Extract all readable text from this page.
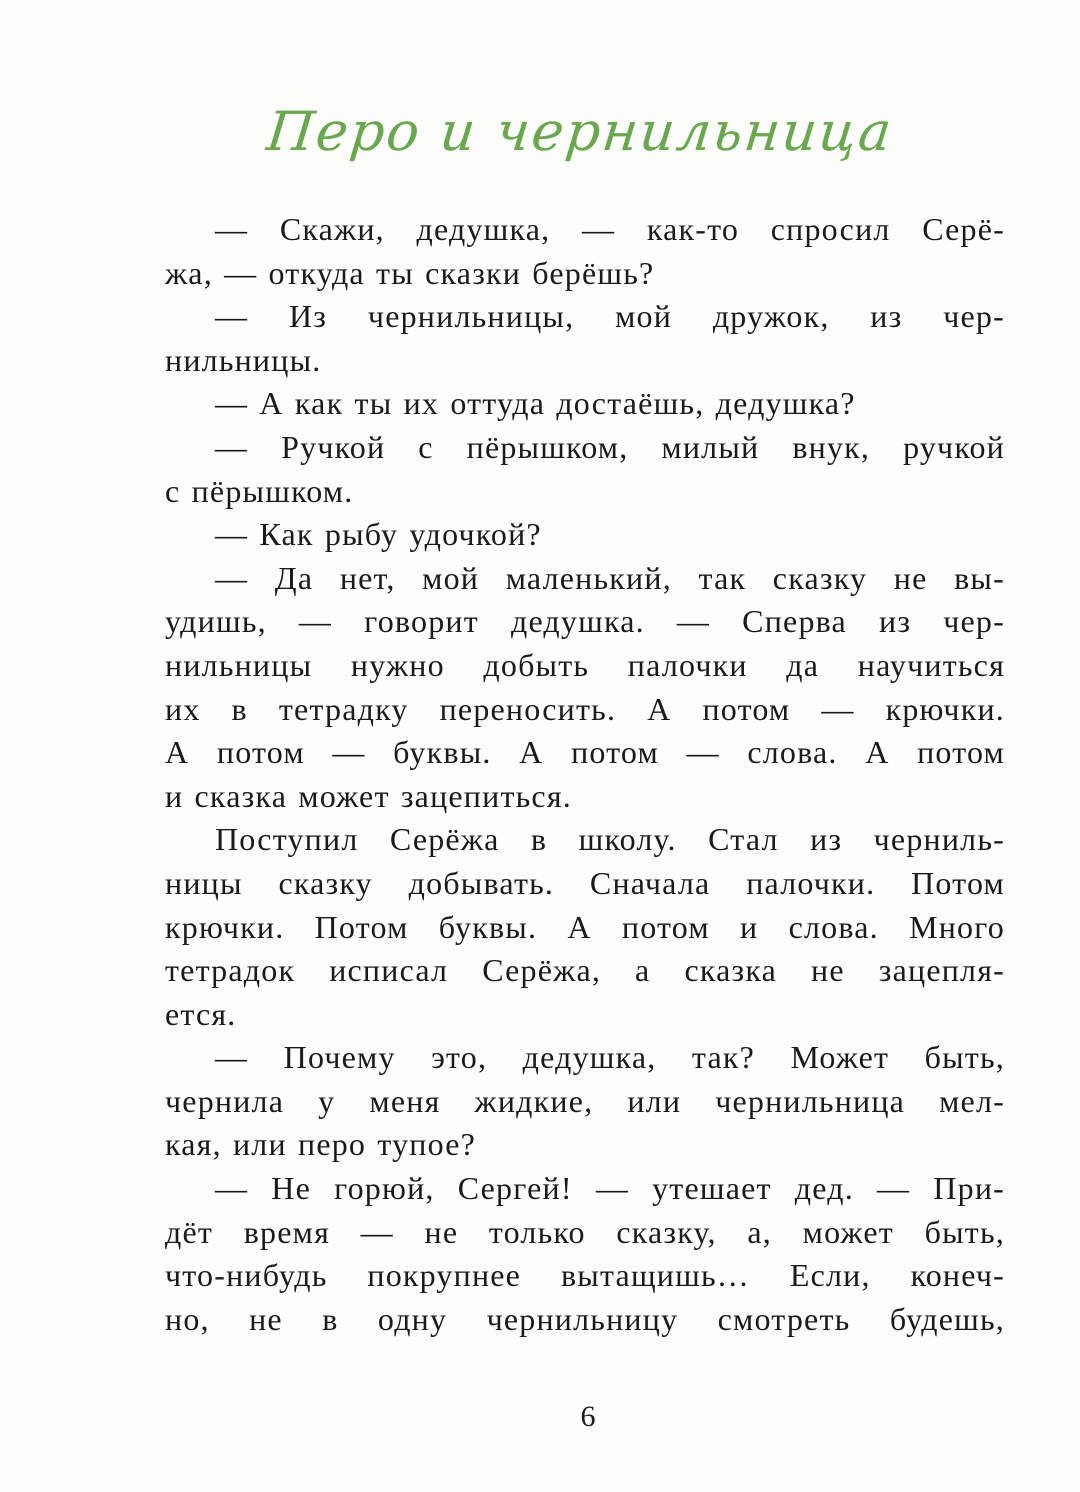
Перо и чернильница
— Скажи, дедушка, — как-то спросил Серё-
жа, — откуда ты сказки берёшь?
— Из чернильницы, мой дружок, из чер-
нильницы.
— А как ты их оттуда достаёшь, дедушка?
— Ручкой с пёрышком, милый внук, ручкой
с пёрышком.
— Как рыбу удочкой?
— Да нет, мой маленький, так сказку не вы-
удишь, — говорит дедушка. — Сперва из чер-
нильницы нужно добыть палочки да научиться
их в тетрадку переносить. А потом — крючки.
А потом — буквы. А потом — слова. А потом
и сказка может зацепиться.
Поступил Серёжа в школу. Стал из черниль-
ницы сказку добывать. Сначала палочки. Потом
крючки. Потом буквы. А потом и слова. Много
тетрадок исписал Серёжа, а сказка не зацепля-
ется.
— Почему это, дедушка, так? Может быть,
чернила у меня жидкие, или чернильница мел-
кая, или перо тупое?
— Не горюй, Сергей! — утешает дед. — При-
дёт время — не только сказку, а, может быть,
что-нибудь покрупнее вытащишь… Если, конеч-
но, не в одну чернильницу смотреть будешь,
6
